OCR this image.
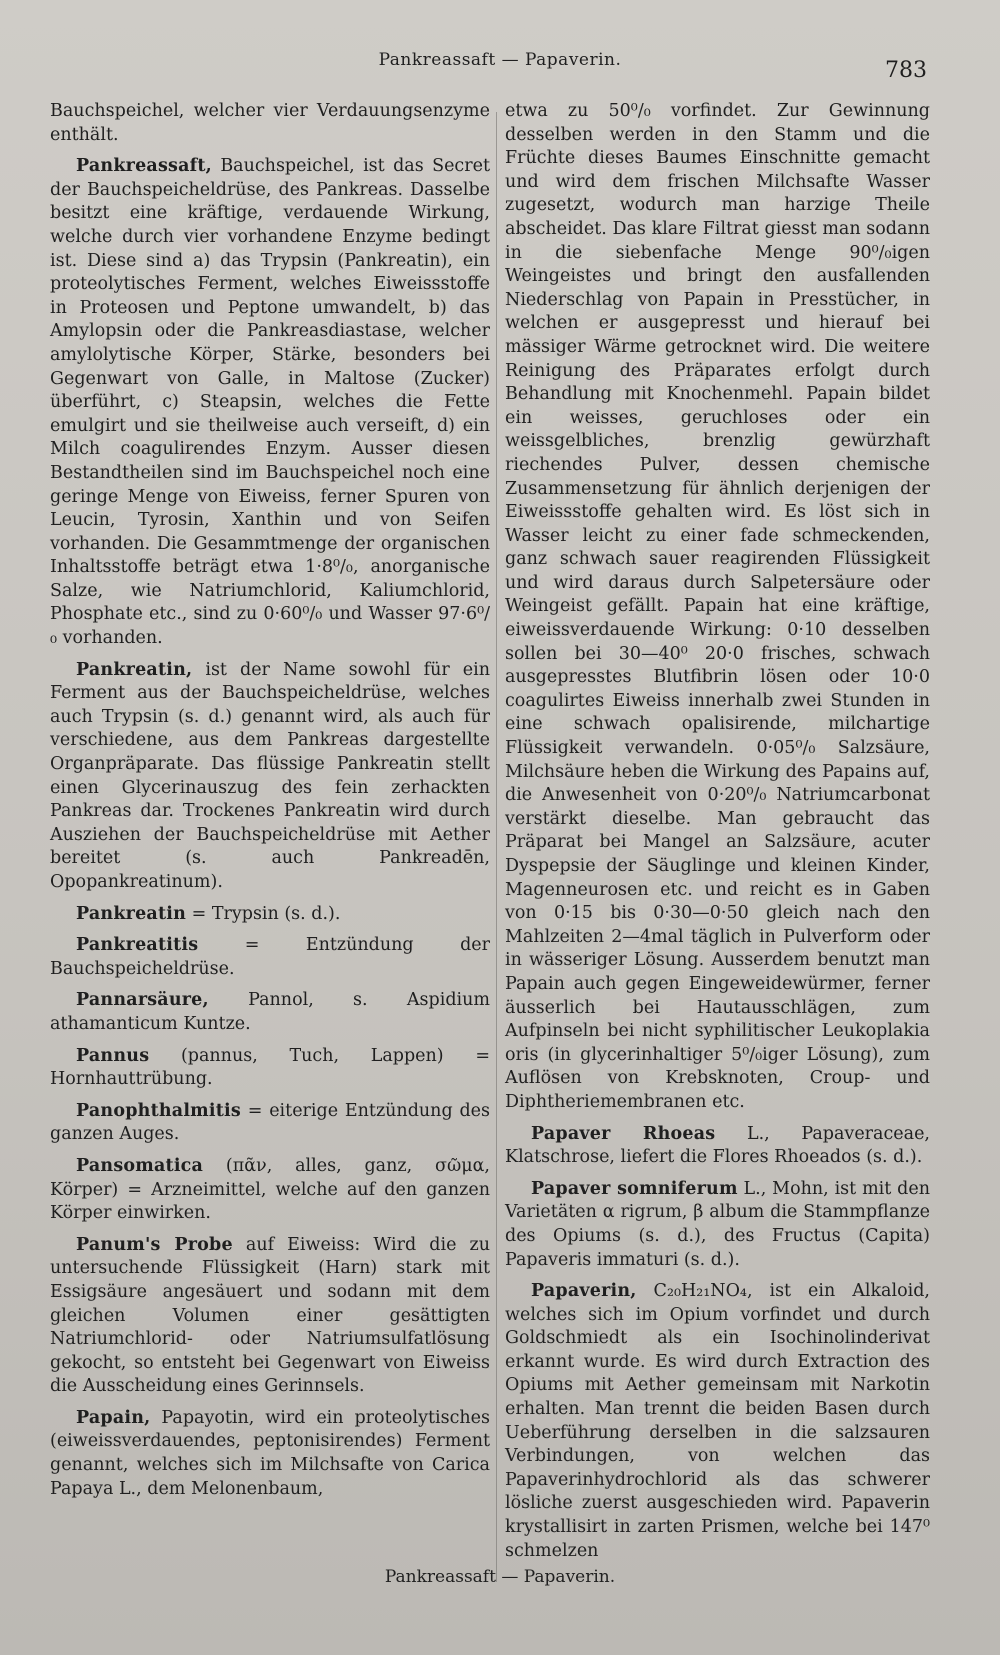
Pankreassaft — Papaverin.	783

Bauchspeichel, welcher vier Verdauungsenzyme enthält.

Pankreassaft, Bauchspeichel, ist das Secret der Bauchspeicheldrüse, des Pankreas. Dasselbe besitzt eine kräftige, verdauende Wirkung, welche durch vier vorhandene Enzyme bedingt ist. Diese sind a) das Trypsin (Pankreatin), ein proteolytisches Ferment, welches Eiweissstoffe in Proteosen und Peptone umwandelt, b) das Amylopsin oder die Pankreasdiastase, welcher amylolytische Körper, Stärke, besonders bei Gegenwart von Galle, in Maltose (Zucker) überführt, c) Steapsin, welches die Fette emulgirt und sie theilweise auch verseift, d) ein Milch coagulirendes Enzym. Ausser diesen Bestandtheilen sind im Bauchspeichel noch eine geringe Menge von Eiweiss, ferner Spuren von Leucin, Tyrosin, Xanthin und von Seifen vorhanden. Die Gesammtmenge der organischen Inhaltsstoffe beträgt etwa 1·8⁰/₀, anorganische Salze, wie Natriumchlorid, Kaliumchlorid, Phosphate etc., sind zu 0·60⁰/₀ und Wasser 97·6⁰/₀ vorhanden.

Pankreatin, ist der Name sowohl für ein Ferment aus der Bauchspeicheldrüse, welches auch Trypsin (s. d.) genannt wird, als auch für verschiedene, aus dem Pankreas dargestellte Organpräparate. Das flüssige Pankreatin stellt einen Glycerinauszug des fein zerhackten Pankreas dar. Trockenes Pankreatin wird durch Ausziehen der Bauchspeicheldrüse mit Aether bereitet (s. auch Pankreadēn, Opopankreatinum).

Pankreatin = Trypsin (s. d.).

Pankreatitis = Entzündung der Bauchspeicheldrüse.

Pannarsäure, Pannol, s. Aspidium athamanticum Kuntze.

Pannus (pannus, Tuch, Lappen) = Hornhauttrübung.

Panophthalmitis = eiterige Entzündung des ganzen Auges.

Pansomatica (πᾶν, alles, ganz, σῶμα, Körper) = Arzneimittel, welche auf den ganzen Körper einwirken.

Panum's Probe auf Eiweiss: Wird die zu untersuchende Flüssigkeit (Harn) stark mit Essigsäure angesäuert und sodann mit dem gleichen Volumen einer gesättigten Natriumchlorid- oder Natriumsulfatlösung gekocht, so entsteht bei Gegenwart von Eiweiss die Ausscheidung eines Gerinnsels.

Papain, Papayotin, wird ein proteolytisches (eiweissverdauendes, peptonisirendes) Ferment genannt, welches sich im Milchsafte von Carica Papaya L., dem Melonenbaum,

etwa zu 50⁰/₀ vorfindet. Zur Gewinnung desselben werden in den Stamm und die Früchte dieses Baumes Einschnitte gemacht und wird dem frischen Milchsafte Wasser zugesetzt, wodurch man harzige Theile abscheidet. Das klare Filtrat giesst man sodann in die siebenfache Menge 90⁰/₀igen Weingeistes und bringt den ausfallenden Niederschlag von Papain in Presstücher, in welchen er ausgepresst und hierauf bei mässiger Wärme getrocknet wird. Die weitere Reinigung des Präparates erfolgt durch Behandlung mit Knochenmehl. Papain bildet ein weisses, geruchloses oder ein weissgelbliches, brenzlig gewürzhaft riechendes Pulver, dessen chemische Zusammensetzung für ähnlich derjenigen der Eiweissstoffe gehalten wird. Es löst sich in Wasser leicht zu einer fade schmeckenden, ganz schwach sauer reagirenden Flüssigkeit und wird daraus durch Salpetersäure oder Weingeist gefällt. Papain hat eine kräftige, eiweissverdauende Wirkung: 0·10 desselben sollen bei 30—40⁰ 20·0 frisches, schwach ausgepresstes Blutfibrin lösen oder 10·0 coagulirtes Eiweiss innerhalb zwei Stunden in eine schwach opalisirende, milchartige Flüssigkeit verwandeln. 0·05⁰/₀ Salzsäure, Milchsäure heben die Wirkung des Papains auf, die Anwesenheit von 0·20⁰/₀ Natriumcarbonat verstärkt dieselbe. Man gebraucht das Präparat bei Mangel an Salzsäure, acuter Dyspepsie der Säuglinge und kleinen Kinder, Magenneurosen etc. und reicht es in Gaben von 0·15 bis 0·30—0·50 gleich nach den Mahlzeiten 2—4mal täglich in Pulverform oder in wässeriger Lösung. Ausserdem benutzt man Papain auch gegen Eingeweidewürmer, ferner äusserlich bei Hautausschlägen, zum Aufpinseln bei nicht syphilitischer Leukoplakia oris (in glycerinhaltiger 5⁰/₀iger Lösung), zum Auflösen von Krebsknoten, Croup- und Diphtheriemembranen etc.

Papaver Rhoeas L., Papaveraceae, Klatschrose, liefert die Flores Rhoeados (s. d.).

Papaver somniferum L., Mohn, ist mit den Varietäten α rigrum, β album die Stammpflanze des Opiums (s. d.), des Fructus (Capita) Papaveris immaturi (s. d.).

Papaverin, C₂₀H₂₁NO₄, ist ein Alkaloid, welches sich im Opium vorfindet und durch Goldschmiedt als ein Isochinolinderivat erkannt wurde. Es wird durch Extraction des Opiums mit Aether gemeinsam mit Narkotin erhalten. Man trennt die beiden Basen durch Ueberführung derselben in die salzsauren Verbindungen, von welchen das Papaverinhydrochlorid als das schwerer lösliche zuerst ausgeschieden wird. Papaverin krystallisirt in zarten Prismen, welche bei 147⁰ schmelzen

Pankreassaft — Papaverin.
